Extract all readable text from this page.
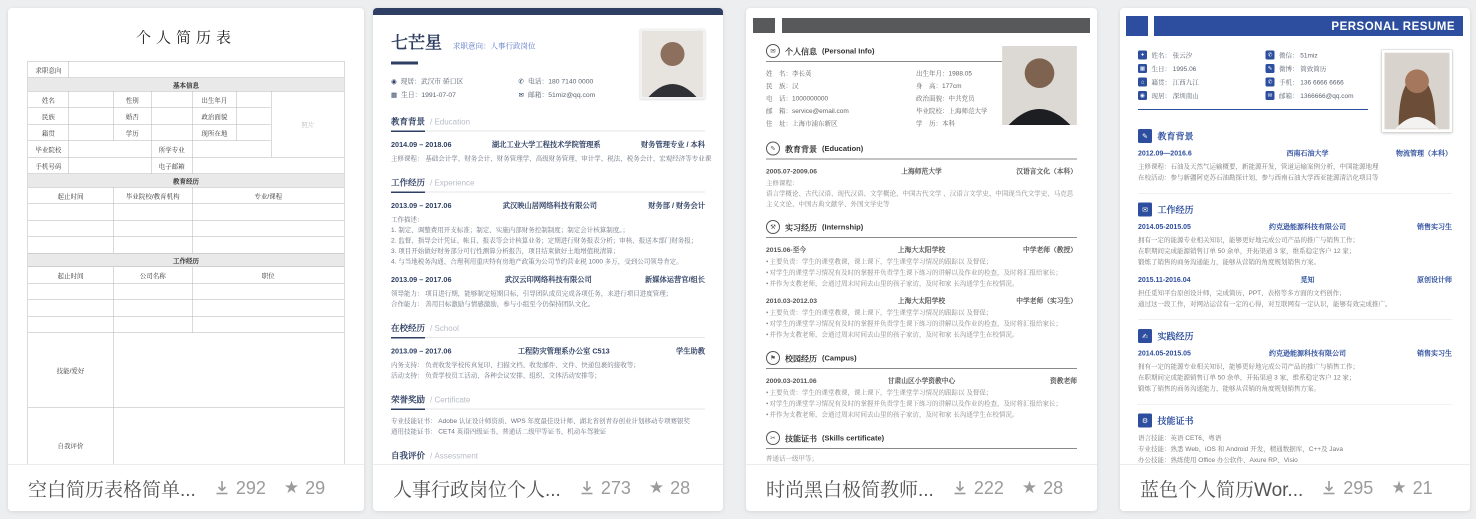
个人简历表
求职意向						
基本信息						
姓名		性别		出生年月		照片
民族		婚否		政治面貌		
籍贯		学历		现所在地		
毕业院校			所学专业			
手机号码			电子邮箱			
教育经历						
起止时间		毕业院校/教育机构		专业/课程		

工作经历						
起止时间		公司名称		职位		

技能/爱好						
自我评价						
空白简历表格简单... 292 ★ 29
七芒星 求职意向：人事行政岗位
◉ 现居：武汉市 硚口区	✆ 电话：180 7140 0000
▦ 生日：1991-07-07	✉ 邮箱：51miz@qq.com
教育背景 / Education
2014.09 – 2018.06	湖北工业大学工程技术学院管理系	财务管理专业 / 本科
主修课程： 基础会计学、财务会计、财务管理学、高级财务管理、审计学、税法、税务会计、宏观经济等专业课
工作经历 / Experience
2013.09 – 2017.06	武汉映山居网络科技有限公司	财务部 / 财务会计
工作描述：
1. 制定、调整费用开支标准；制定、实施内部财务控制制度；制定会计核算制度。；
2. 监督、指导会计凭证、帐目、报表等会计核算业务；定期进行财务报表分析；审核、报送本部门财务报；
3. 项目开始做好财务部分可行性测算分析报告，项目结束做好土地增值税清算；
4. 与当地税务沟通、合理利用重庆特有房地产政策为公司节约营业税 1000 多万，受到公司领导肯定。
2013.09 – 2017.06	武汉云印网络科技有限公司	新媒体运营官/组长
领导能力： 项目进行期，能够制定短期目标，引导团队成员完成各项任务，来进行项目进度管理；
合作能力： 善用目标激励与情感激励，参与小组至今仍保持团队文化。
在校经历 / School
2013.09 – 2017.06	工程防灾管理系办公室 C513	学生助教
内务支持： 负责收发学校传真复印、扫描文档、收发邮件、文件、快递包裹的接收等；
活动支持： 负责学校员工活动、各种会议安排、组织、文体活动安排等；
荣誉奖励 / Certificate
专业技能证书： Adobe 认证设计师资质、WPS 年度最佳设计师、湖北省创青春创业计划移动专项赛银奖
通用技能证书： CET4 英语四级证书、普通话二级甲等证书、机动车驾驶证
自我评价 / Assessment
人事行政岗位个人... 273 ★ 28
✉ 个人信息 (Personal Info)
姓　名：李长英
民　族：汉
电　话：1000000000
邮　箱：service@email.com
住　址：上海市浦东新区
出生年月：1988.05
身　高：177cm
政治面貌：中共党员
毕业院校：上海师范大学
学　历：本科
✎ 教育背景 (Education)
2005.07-2009.06	上海师范大学	汉语言文化（本科）
主修课程：
语言学概论、古代汉语、现代汉语、文学概论、中国古代文学 、汉语言文学史、中国现当代文学史、马克思
主义文论、中国古典文献学、外国文学史等
⚒ 实习经历 (Internship)
2015.06-至今	上海大太阳学校	中学老师（教授）
● 主要负责：学生的课堂教课，课上课下，学生课堂学习情况的跟踪以 及督促；
● 对学生的课堂学习情况有及时的掌握并负责学生课下练习的讲解以及作业的检查，及时将汇报给家长；
● 并作为支教老师，会通过周末时间去山里的孩子家访，及时和家 长沟通学生在校情况。
2010.03-2012.03	上海大太阳学校	中学老师（实习生）
● 主要负责：学生的课堂教课，课上课下，学生课堂学习情况的跟踪以 及督促；
● 对学生的课堂学习情况有及时的掌握并负责学生课下练习的讲解以及作业的检查，及时将汇报给家长；
● 并作为支教老师，会通过周末时间去山里的孩子家访，及时和家 长沟通学生在校情况。
⚑ 校园经历 (Campus)
2009.03-2011.06	甘肃山区小学资教中心	资教老师
● 主要负责：学生的课堂教课，课上课下，学生课堂学习情况的跟踪以 及督促；
● 对学生的课堂学习情况有及时的掌握并负责学生课下练习的讲解以及作业的检查，及时将汇报给家长；
● 并作为支教老师，会通过周末时间去山里的孩子家访，及时和家 长沟通学生在校情况。
✂ 技能证书 (Skills certificate)
普通话一级甲等；
时尚黑白极简教师... 222 ★ 28
PERSONAL RESUME
✦ 姓名： 张云汐	✆ 微信： 51miz
▦ 生日： 1995.06	✎ 微博： 简致简历
⌂ 籍贯： 江西九江	✆ 手机： 136 6666 6666
◉ 现居： 深圳南山	✉ 邮箱： 1366666@qq.com
✎ 教育背景
2012.09—2016.6	西南石油大学	物流管理（本科）
主修课程：石油及天然气运输概要，新能源开发，管道运输案例分析，中国能源地理
在校活动：参与新疆阿克苏石油勘探计划，参与西南石油大学西亚能源清洁化项目等
✉ 工作经历
2014.05-2015.05	约克逊能源科技有限公司	销售实习生
拥有一定的能源专业相关知识，能够更好地完成公司产品的推广与销售工作；
在职期间完成能源销售订单 50 余单，开拓渠道 3 家，维系稳定客户 12 家；
锻炼了销售的商务沟通能力，能够从营销的角度规划销售方案。
2015.11-2016.04	觅知	原创设计师
担任觅知平台原创设计师，完成简历、PPT、表格等多方面的文档创作；
通过这一段工作，对网站运营有一定的心得，对互联网有一定认识，能够有效完成推广。
✍ 实践经历
2014.05-2015.05	约克逊能源科技有限公司	销售实习生
拥有一定的能源专业相关知识，能够更好地完成公司产品的推广与销售工作；
在职期间完成能源销售订单 50 余单，开拓渠道 3 家，维系稳定客户 12 家；
锻炼了销售的商务沟通能力，能够从营销的角度规划销售方案。
⚙ 技能证书
语言技能：英语 CET6、粤语
专业技能：熟悉 Web、iOS 和 Android 开发，精通数据库，C++及 Java
办公技能：熟练使用 Office 办公软件、Axure RP、Visio
蓝色个人简历Wor... 295 ★ 21
